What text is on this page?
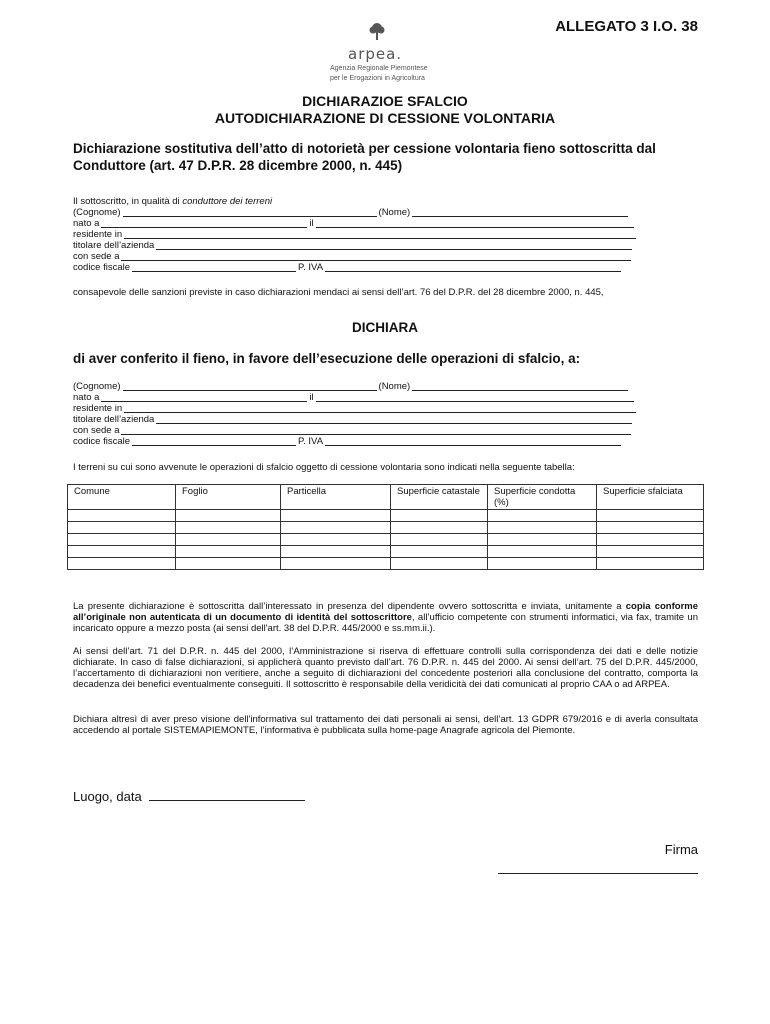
ALLEGATO 3 I.O. 38
arpea.
Agenzia Regionale Piemontese
per le Erogazioni in Agricoltura
DICHIARAZIOE SFALCIO
AUTODICHIARAZIONE DI CESSIONE VOLONTARIA
Dichiarazione sostitutiva dell’atto di notorietà per cessione volontaria fieno sottoscritta dal
Conduttore (art. 47 D.P.R. 28 dicembre 2000, n. 445)
Il sottoscritto, in qualità di conduttore dei terreni
(Cognome)	(Nome)
nato a	il
residente in
titolare dell’azienda
con sede a
codice fiscale	P. IVA
consapevole delle sanzioni previste in caso dichiarazioni mendaci ai sensi dell’art. 76 del D.P.R. del 28 dicembre 2000, n. 445,
DICHIARA
di aver conferito il fieno, in favore dell’esecuzione delle operazioni di sfalcio, a:
(Cognome)	(Nome)
nato a	il
residente in
titolare dell’azienda
con sede a
codice fiscale	P. IVA
I terreni su cui sono avvenute le operazioni di sfalcio oggetto di cessione volontaria sono indicati nella seguente tabella:
Comune	Foglio	Particella	Superficie catastale	Superficie condotta (%)	Superficie sfalciata

La presente dichiarazione è sottoscritta dall’interessato in presenza del dipendente ovvero sottoscritta e inviata, unitamente a copia conforme all’originale non autenticata di un documento di identità del sottoscrittore, all’ufficio competente con strumenti informatici, via fax, tramite un incaricato oppure a mezzo posta (ai sensi dell'art. 38 del D.P.R. 445/2000 e ss.mm.ii.).
Ai sensi dell’art. 71 del D.P.R. n. 445 del 2000, l’Amministrazione si riserva di effettuare controlli sulla corrispondenza dei dati e delle notizie dichiarate. In caso di false dichiarazioni, si applicherà quanto previsto dall’art. 76 D.P.R. n. 445 del 2000. Ai sensi dell’art. 75 del D.P.R. 445/2000, l’accertamento di dichiarazioni non veritiere, anche a seguito di dichiarazioni del concedente posteriori alla conclusione del contratto, comporta la decadenza dei benefici eventualmente conseguiti. Il sottoscritto è responsabile della veridicità dei dati comunicati al proprio CAA o ad ARPEA.
Dichiara altresì di aver preso visione dell'informativa sul trattamento dei dati personali ai sensi, dell’art. 13 GDPR 679/2016 e di averla consultata accedendo al portale SISTEMAPIEMONTE, l’informativa è pubblicata sulla home-page Anagrafe agricola del Piemonte.
Luogo, data
Firma
